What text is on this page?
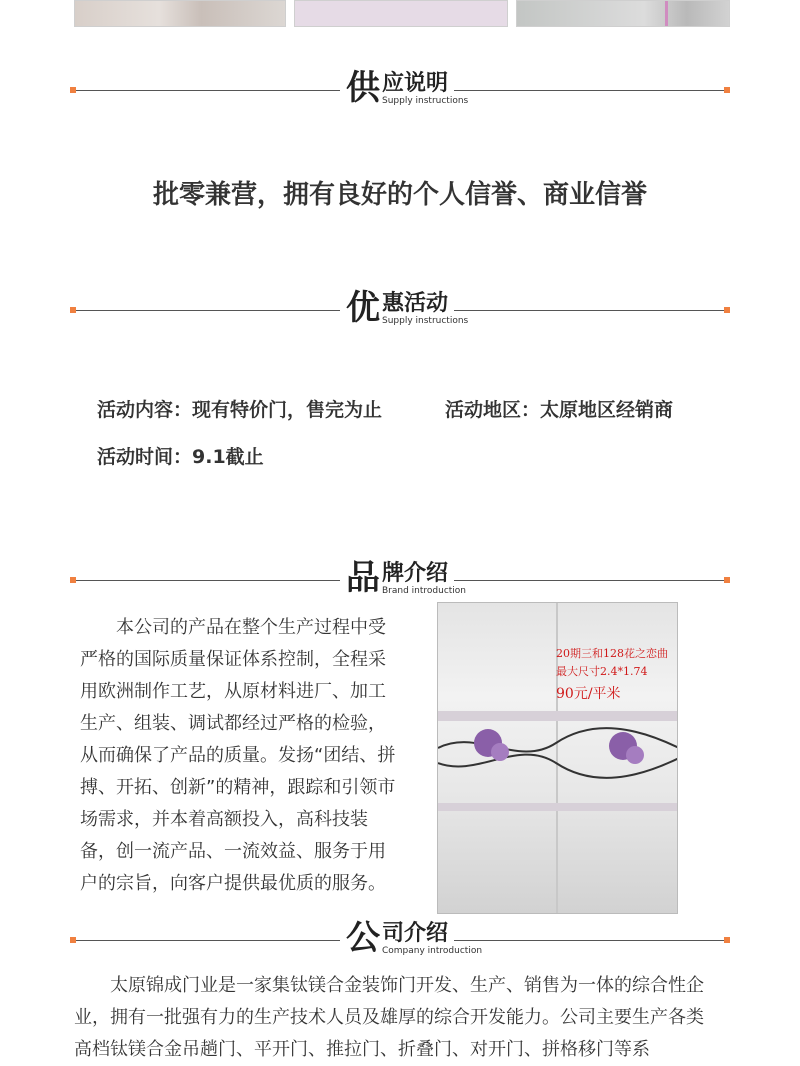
供 应说明
Supply instructions
批零兼营，拥有良好的个人信誉、商业信誉
优 惠活动
Supply instructions
活动内容：现有特价门，售完为止	活动地区：太原地区经销商
活动时间：9.1截止
品 牌介绍
Brand introduction
本公司的产品在整个生产过程中受严格的国际质量保证体系控制，全程采用欧洲制作工艺，从原材料进厂、加工生产、组装、调试都经过严格的检验，从而确保了产品的质量。发扬“团结、拼搏、开拓、创新”的精神，跟踪和引领市场需求，并本着高额投入，高科技装备，创一流产品、一流效益、服务于用户的宗旨，向客户提供最优质的服务。
20期三和128花之恋曲
最大尺寸2.4*1.74
90元/平米
公 司介绍
Company introduction
太原锦成门业是一家集钛镁合金装饰门开发、生产、销售为一体的综合性企业，拥有一批强有力的生产技术人员及雄厚的综合开发能力。公司主要生产各类高档钛镁合金吊趟门、平开门、推拉门、折叠门、对开门、拼格移门等系
